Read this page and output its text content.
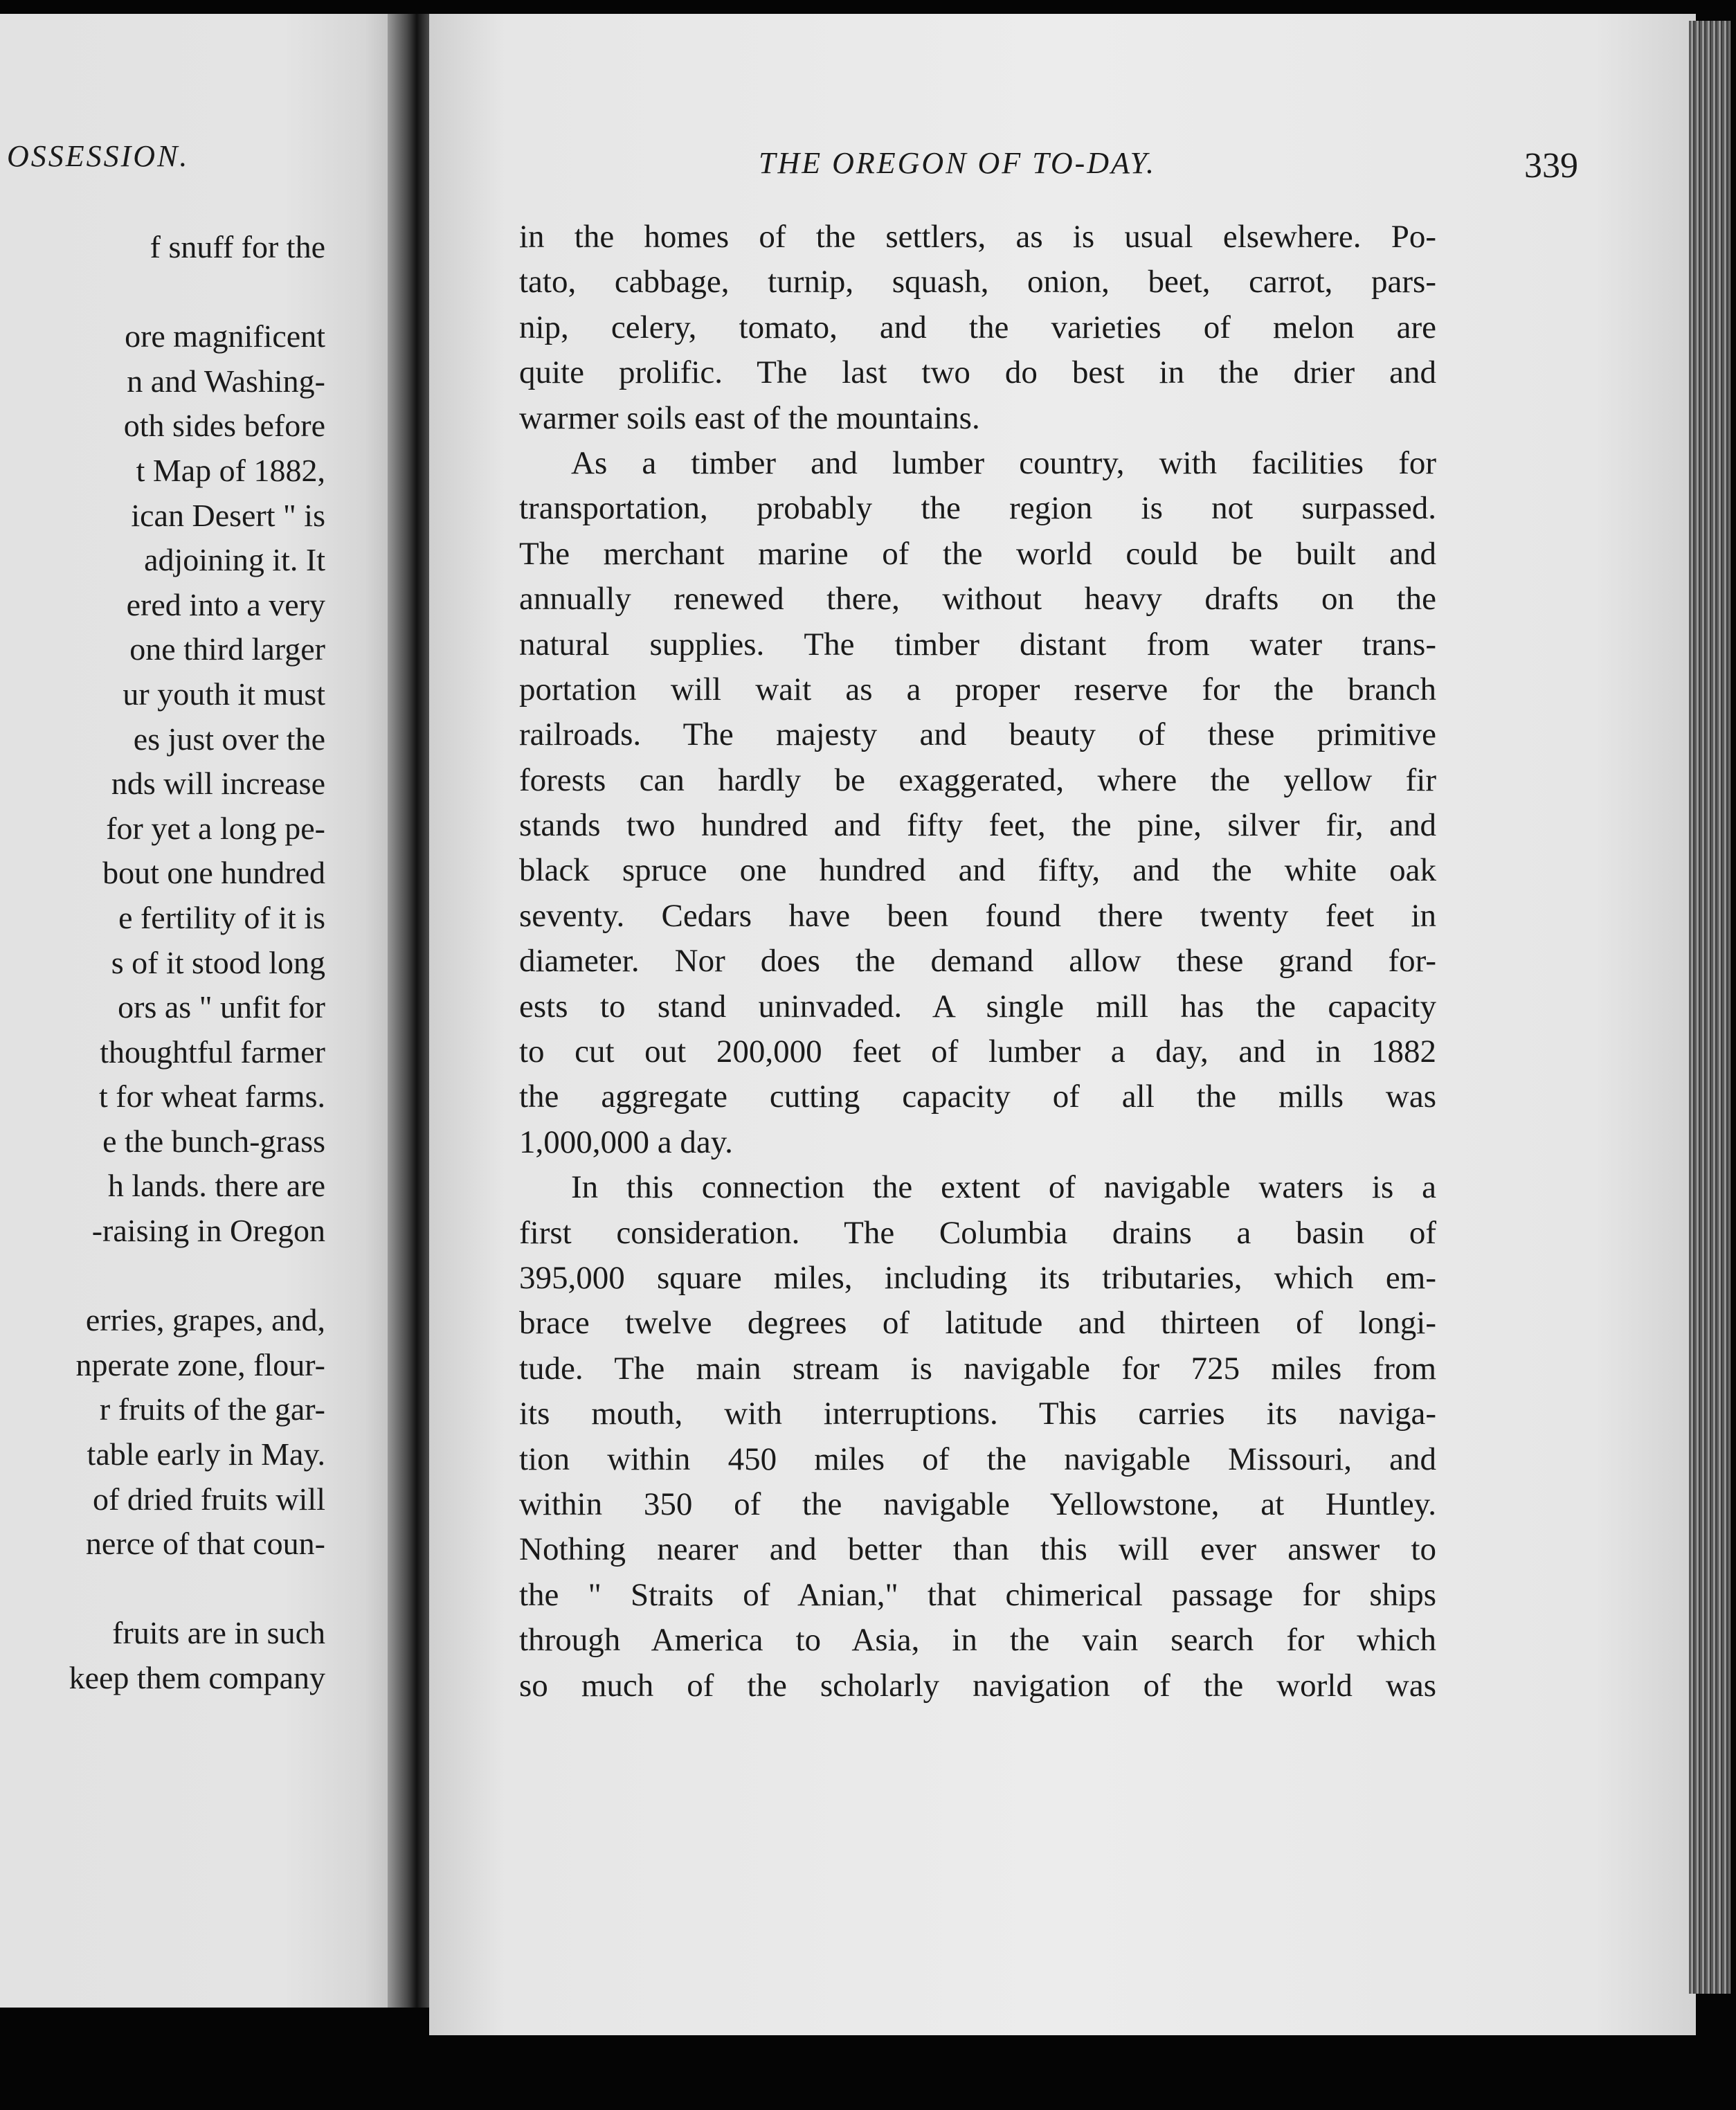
OSSESSION.
f snuff for the
ore magnificent
n and Washing-
oth sides before
t Map of 1882,
ican Desert " is
adjoining it. It
ered into a very
one third larger
ur youth it must
es just over the
nds will increase
for yet a long pe-
bout one hundred
e fertility of it is
s of it stood long
ors as " unfit for
thoughtful farmer
t for wheat farms.
e the bunch-grass
h lands. there are
-raising in Oregon
erries, grapes, and,
nperate zone, flour-
r fruits of the gar-
table early in May.
of dried fruits will
nerce of that coun-
fruits are in such
keep them company
THE OREGON OF TO-DAY.	339
in the homes of the settlers, as is usual elsewhere. Po-
tato, cabbage, turnip, squash, onion, beet, carrot, pars-
nip, celery, tomato, and the varieties of melon are
quite prolific. The last two do best in the drier and
warmer soils east of the mountains.
As a timber and lumber country, with facilities for
transportation, probably the region is not surpassed.
The merchant marine of the world could be built and
annually renewed there, without heavy drafts on the
natural supplies. The timber distant from water trans-
portation will wait as a proper reserve for the branch
railroads. The majesty and beauty of these primitive
forests can hardly be exaggerated, where the yellow fir
stands two hundred and fifty feet, the pine, silver fir, and
black spruce one hundred and fifty, and the white oak
seventy. Cedars have been found there twenty feet in
diameter. Nor does the demand allow these grand for-
ests to stand uninvaded. A single mill has the capacity
to cut out 200,000 feet of lumber a day, and in 1882
the aggregate cutting capacity of all the mills was
1,000,000 a day.
In this connection the extent of navigable waters is a
first consideration. The Columbia drains a basin of
395,000 square miles, including its tributaries, which em-
brace twelve degrees of latitude and thirteen of longi-
tude. The main stream is navigable for 725 miles from
its mouth, with interruptions. This carries its naviga-
tion within 450 miles of the navigable Missouri, and
within 350 of the navigable Yellowstone, at Huntley.
Nothing nearer and better than this will ever answer to
the " Straits of Anian," that chimerical passage for ships
through America to Asia, in the vain search for which
so much of the scholarly navigation of the world was
